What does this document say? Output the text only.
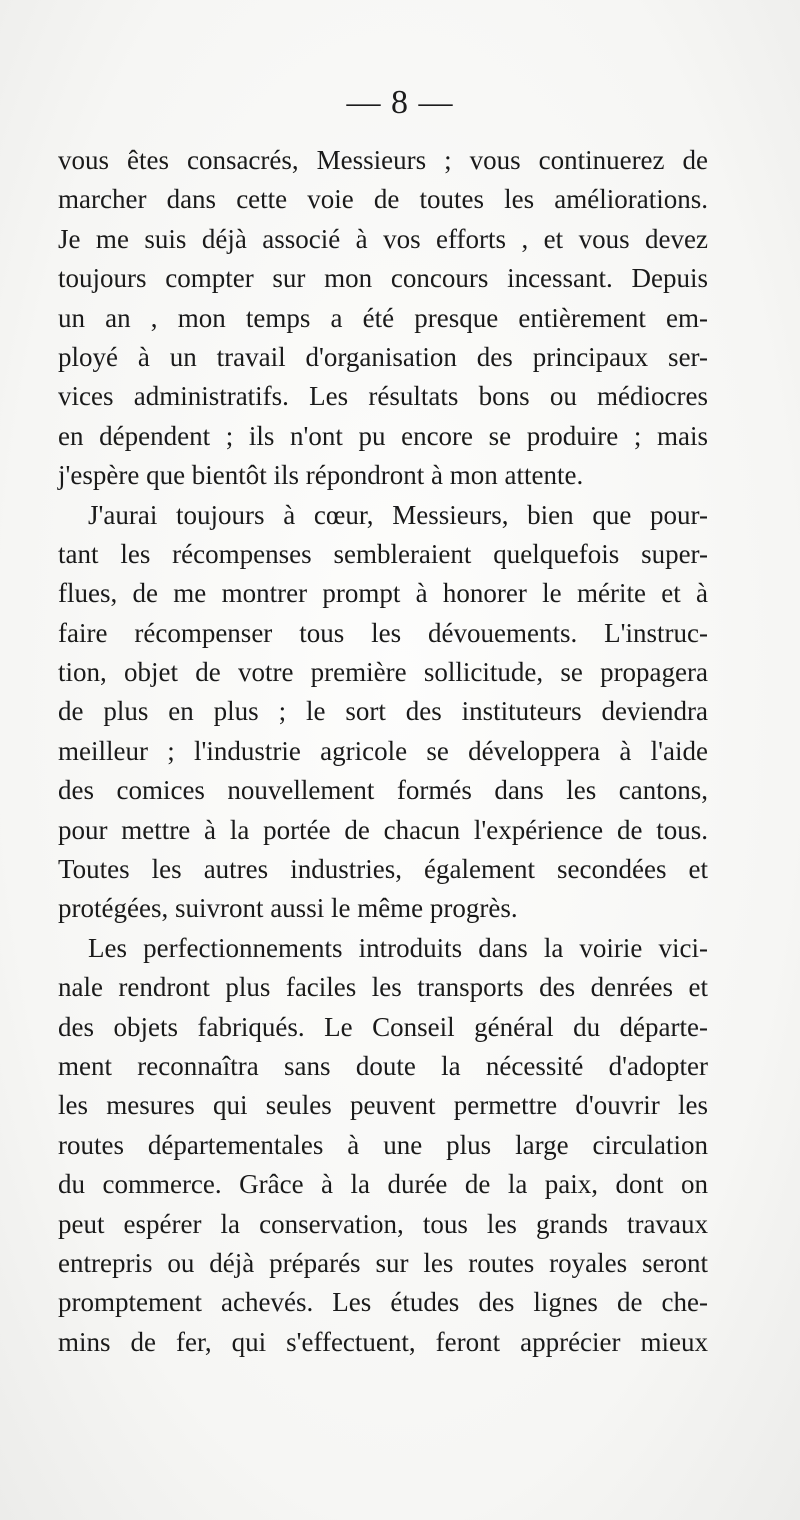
— 8 —
vous êtes consacrés, Messieurs ; vous continuerez de
marcher dans cette voie de toutes les améliorations.
Je me suis déjà associé à vos efforts , et vous devez
toujours compter sur mon concours incessant. Depuis
un an , mon temps a été presque entièrement em-
ployé à un travail d'organisation des principaux ser-
vices administratifs. Les résultats bons ou médiocres
en dépendent ; ils n'ont pu encore se produire ; mais
j'espère que bientôt ils répondront à mon attente.
J'aurai toujours à cœur, Messieurs, bien que pour-
tant les récompenses sembleraient quelquefois super-
flues, de me montrer prompt à honorer le mérite et à
faire récompenser tous les dévouements. L'instruc-
tion, objet de votre première sollicitude, se propagera
de plus en plus ; le sort des instituteurs deviendra
meilleur ; l'industrie agricole se développera à l'aide
des comices nouvellement formés dans les cantons,
pour mettre à la portée de chacun l'expérience de tous.
Toutes les autres industries, également secondées et
protégées, suivront aussi le même progrès.
Les perfectionnements introduits dans la voirie vici-
nale rendront plus faciles les transports des denrées et
des objets fabriqués. Le Conseil général du départe-
ment reconnaîtra sans doute la nécessité d'adopter
les mesures qui seules peuvent permettre d'ouvrir les
routes départementales à une plus large circulation
du commerce. Grâce à la durée de la paix, dont on
peut espérer la conservation, tous les grands travaux
entrepris ou déjà préparés sur les routes royales seront
promptement achevés. Les études des lignes de che-
mins de fer, qui s'effectuent, feront apprécier mieux
